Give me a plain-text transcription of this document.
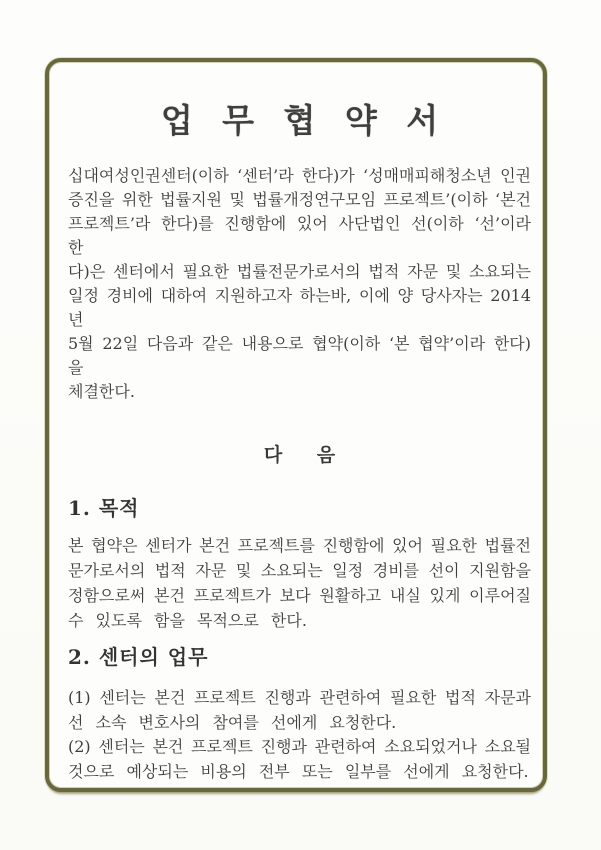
업 무 협 약 서
십대여성인권센터(이하 ‘센터’라 한다)가 ‘성매매피해청소년 인권
증진을 위한 법률지원 및 법률개정연구모임 프로젝트’(이하 ‘본건
프로젝트’라 한다)를 진행함에 있어 사단법인 선(이하 ‘선’이라 한
다)은 센터에서 필요한 법률전문가로서의 법적 자문 및 소요되는
일정 경비에 대하여 지원하고자 하는바, 이에 양 당사자는 2014년
5월 22일 다음과 같은 내용으로 협약(이하 ‘본 협약’이라 한다)을
체결한다.
다 음
1. 목적
본 협약은 센터가 본건 프로젝트를 진행함에 있어 필요한 법률전
문가로서의 법적 자문 및 소요되는 일정 경비를 선이 지원함을
정함으로써 본건 프로젝트가 보다 원활하고 내실 있게 이루어질
수 있도록 함을 목적으로 한다.
2. 센터의 업무
(1) 센터는 본건 프로젝트 진행과 관련하여 필요한 법적 자문과
선 소속 변호사의 참여를 선에게 요청한다.
(2) 센터는 본건 프로젝트 진행과 관련하여 소요되었거나 소요될
것으로 예상되는 비용의 전부 또는 일부를 선에게 요청한다.
